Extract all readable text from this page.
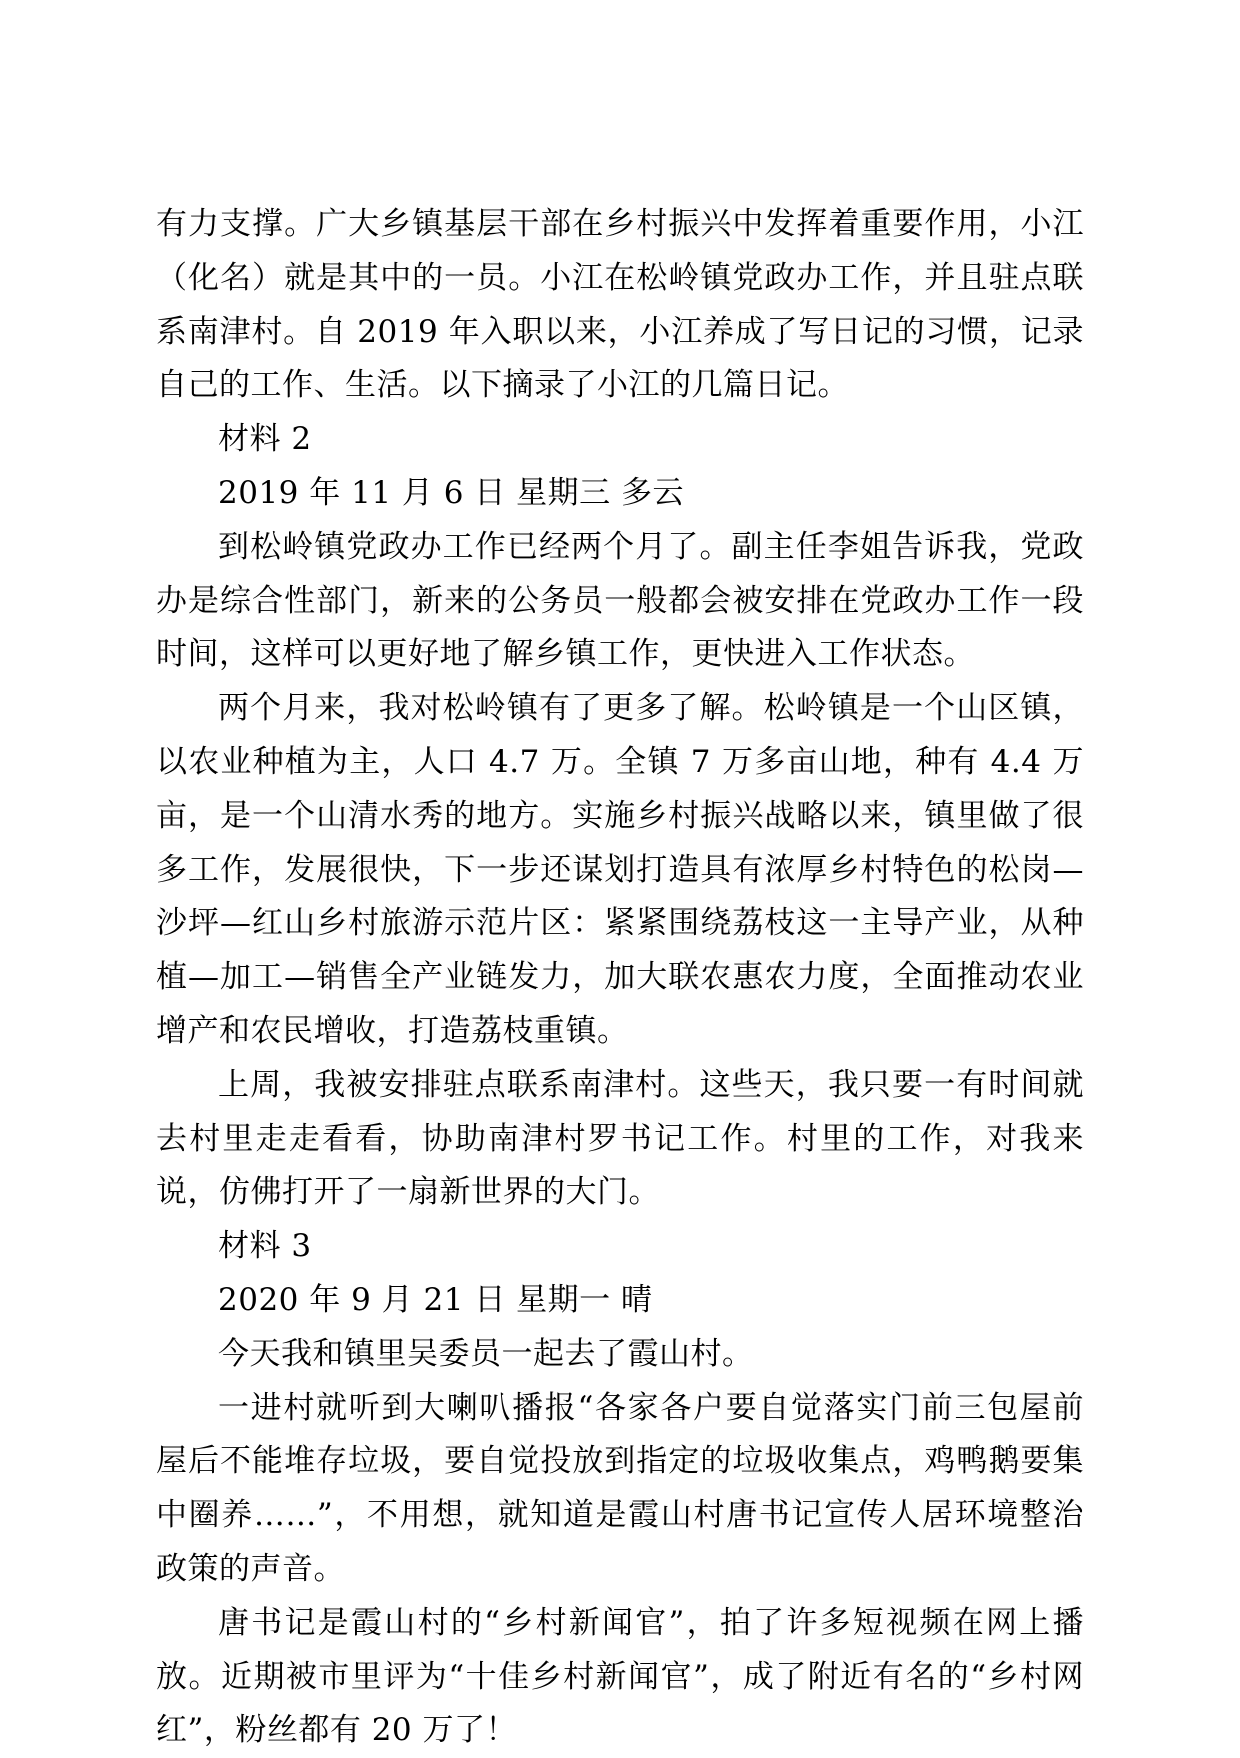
有力支撑。广大乡镇基层干部在乡村振兴中发挥着重要作用，小江（化名）就是其中的一员。小江在松岭镇党政办工作，并且驻点联系南津村。自 2019 年入职以来，小江养成了写日记的习惯，记录自己的工作、生活。以下摘录了小江的几篇日记。

材料 2

2019 年 11 月 6 日 星期三 多云

到松岭镇党政办工作已经两个月了。副主任李姐告诉我，党政办是综合性部门，新来的公务员一般都会被安排在党政办工作一段时间，这样可以更好地了解乡镇工作，更快进入工作状态。

两个月来，我对松岭镇有了更多了解。松岭镇是一个山区镇，以农业种植为主，人口 4.7 万。全镇 7 万多亩山地，种有 4.4 万亩，是一个山清水秀的地方。实施乡村振兴战略以来，镇里做了很多工作，发展很快，下一步还谋划打造具有浓厚乡村特色的松岗—沙坪—红山乡村旅游示范片区：紧紧围绕荔枝这一主导产业，从种植—加工—销售全产业链发力，加大联农惠农力度，全面推动农业增产和农民增收，打造荔枝重镇。

上周，我被安排驻点联系南津村。这些天，我只要一有时间就去村里走走看看，协助南津村罗书记工作。村里的工作，对我来说，仿佛打开了一扇新世界的大门。

材料 3

2020 年 9 月 21 日 星期一 晴

今天我和镇里吴委员一起去了霞山村。

一进村就听到大喇叭播报“各家各户要自觉落实门前三包屋前屋后不能堆存垃圾，要自觉投放到指定的垃圾收集点，鸡鸭鹅要集中圈养……”，不用想，就知道是霞山村唐书记宣传人居环境整治政策的声音。

唐书记是霞山村的“乡村新闻官”，拍了许多短视频在网上播放。近期被市里评为“十佳乡村新闻官”，成了附近有名的“乡村网红”，粉丝都有 20 万了！
